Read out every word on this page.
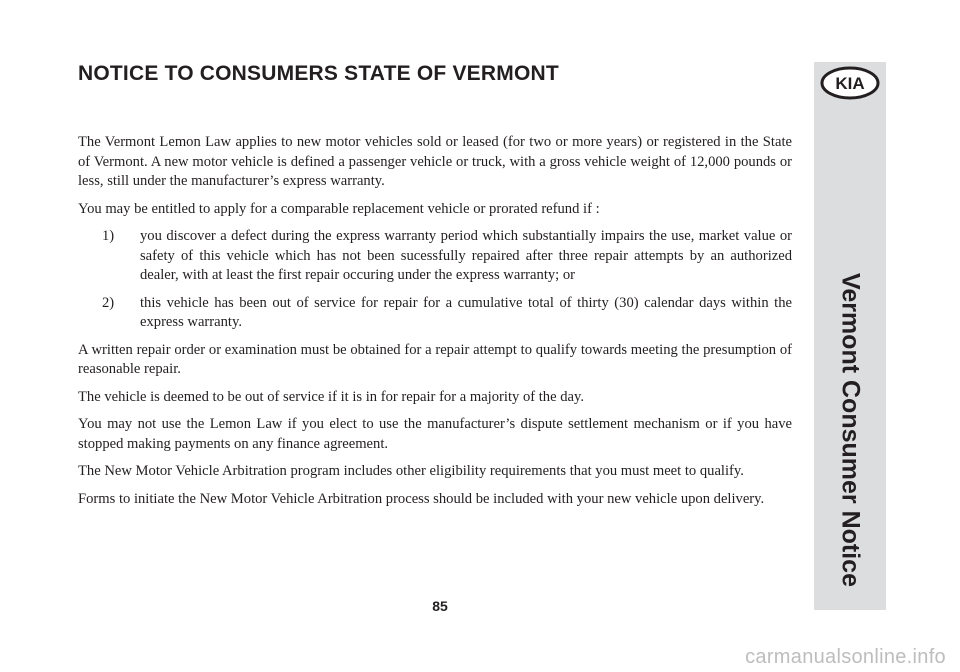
NOTICE TO CONSUMERS STATE OF VERMONT

The Vermont Lemon Law applies to new motor vehicles sold or leased (for two or more years) or registered in the State of Vermont. A new motor vehicle is defined a passenger vehicle or truck, with a gross vehicle weight of 12,000 pounds or less, still under the manufacturer’s express warranty.

You may be entitled to apply for a comparable replacement vehicle or prorated refund if :

1)	you discover a defect during the express warranty period which substantially impairs the use, market value or safety of this vehicle which has not been sucessfully repaired after three repair attempts by an authorized dealer, with at least the first repair occuring under the express warranty; or
2)	this vehicle has been out of service for repair for a cumulative total of thirty (30) calendar days within the express warranty.

A written repair order or examination must be obtained for a repair attempt to qualify towards meeting the presumption of reasonable repair.

The vehicle is deemed to be out of service if it is in for repair for a majority of the day.

You may not use the Lemon Law if you elect to use the manufacturer’s dispute settlement mechanism or if you have stopped making payments on any finance agreement.

The New Motor Vehicle Arbitration program includes other eligibility requirements that you must meet to qualify.

Forms to initiate the New Motor Vehicle Arbitration process should be included with your new vehicle upon delivery.

KIA
Vermont Consumer Notice
85
carmanualsonline.info
